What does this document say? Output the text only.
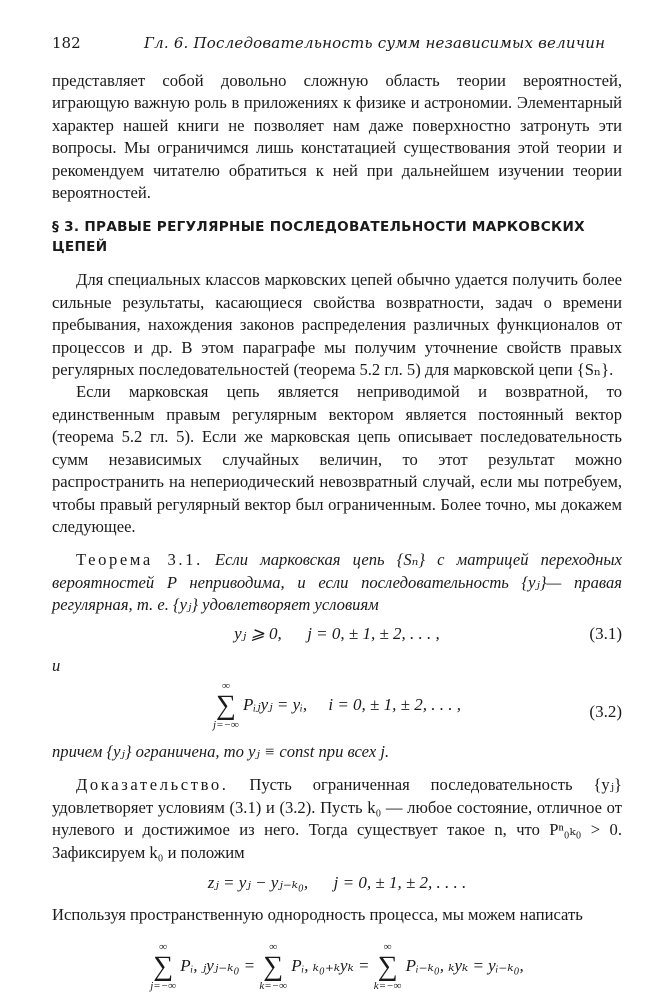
182	Гл. 6. Последовательность сумм независимых величин

представляет собой довольно сложную область теории вероятностей, играющую важную роль в приложениях к физике и астрономии. Элементарный характер нашей книги не позволяет нам даже поверхностно затронуть эти вопросы. Мы ограничимся лишь констатацией существования этой теории и рекомендуем читателю обратиться к ней при дальнейшем изучении теории вероятностей.

§ 3. ПРАВЫЕ РЕГУЛЯРНЫЕ ПОСЛЕДОВАТЕЛЬНОСТИ МАРКОВСКИХ ЦЕПЕЙ

Для специальных классов марковских цепей обычно удается получить более сильные результаты, касающиеся свойства возвратности, задач о времени пребывания, нахождения законов распределения различных функционалов от процессов и др. В этом параграфе мы получим уточнение свойств правых регулярных последовательностей (теорема 5.2 гл. 5) для марковской цепи {Sₙ}.

Если марковская цепь является неприводимой и возвратной, то единственным правым регулярным вектором является постоянный вектор (теорема 5.2 гл. 5). Если же марковская цепь описывает последовательность сумм независимых случайных величин, то этот результат можно распространить на непериодический невозвратный случай, если мы потребуем, чтобы правый регулярный вектор был ограниченным. Более точно, мы докажем следующее.

Теорема 3.1. Если марковская цепь {Sₙ} с матрицей переходных вероятностей P неприводима, и если последовательность {yⱼ}— правая регулярная, т. е. {yⱼ} удовлетворяет условиям

yⱼ ⩾ 0, j = 0, ± 1, ± 2, . . . ,	(3.1)
и
∞
∑
j=−∞
Pᵢⱼyⱼ = yᵢ, i = 0, ± 1, ± 2, . . . ,	(3.2)

причем {yⱼ} ограничена, то yⱼ ≡ const при всех j.

Доказательство. Пусть ограниченная последовательность {yⱼ} удовлетворяет условиям (3.1) и (3.2). Пусть k₀ — любое состояние, отличное от нулевого и достижимое из него. Тогда существует такое n, что Pⁿ₀ₖ₀ > 0. Зафиксируем k₀ и положим

zⱼ = yⱼ − yⱼ₋ₖ₀, j = 0, ± 1, ± 2, . . . .

Используя пространственную однородность процесса, мы можем написать

∞
∑
j=−∞
Pᵢ, ⱼyⱼ₋ₖ₀ =
∞
∑
k=−∞
Pᵢ, ₖ₀₊ₖyₖ =
∞
∑
k=−∞
Pᵢ₋ₖ₀, ₖyₖ = yᵢ₋ₖ₀,
